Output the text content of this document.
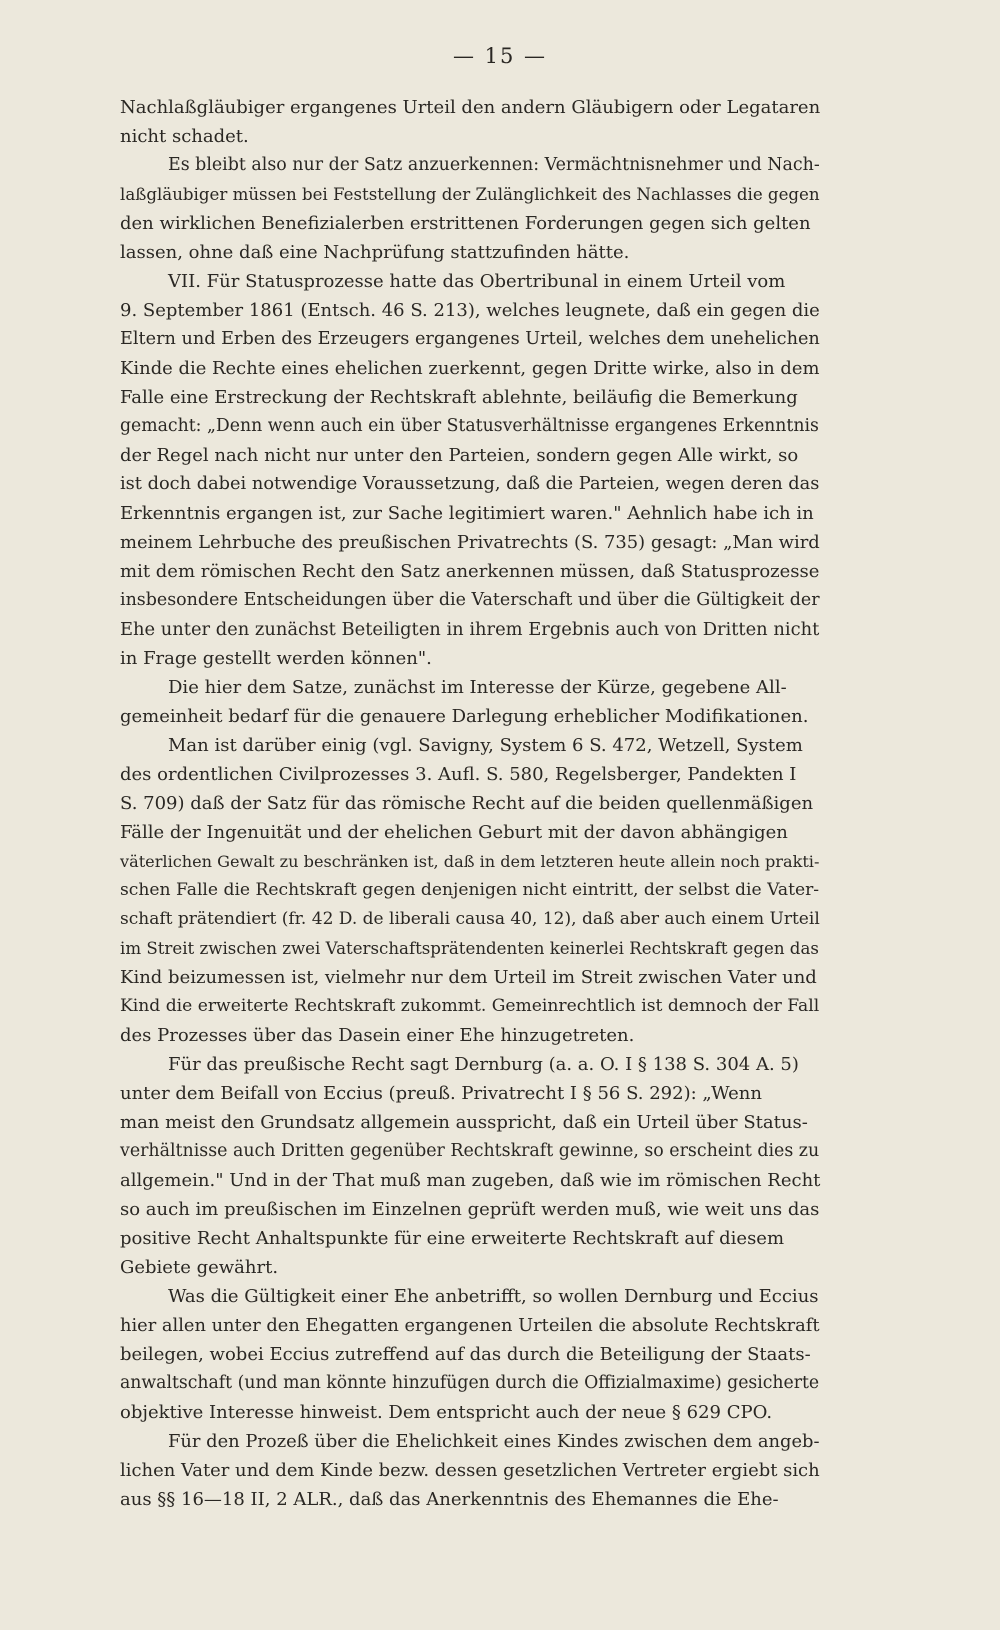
— 15 —
Nachlaßgläubiger ergangenes Urteil den andern Gläubigern oder Legataren
nicht schadet.
Es bleibt also nur der Satz anzuerkennen: Vermächtnisnehmer und Nach-
laßgläubiger müssen bei Feststellung der Zulänglichkeit des Nachlasses die gegen
den wirklichen Benefizialerben erstrittenen Forderungen gegen sich gelten
lassen, ohne daß eine Nachprüfung stattzufinden hätte.
VII. Für Statusprozesse hatte das Obertribunal in einem Urteil vom
9. September 1861 (Entsch. 46 S. 213), welches leugnete, daß ein gegen die
Eltern und Erben des Erzeugers ergangenes Urteil, welches dem unehelichen
Kinde die Rechte eines ehelichen zuerkennt, gegen Dritte wirke, also in dem
Falle eine Erstreckung der Rechtskraft ablehnte, beiläufig die Bemerkung
gemacht: „Denn wenn auch ein über Statusverhältnisse ergangenes Erkenntnis
der Regel nach nicht nur unter den Parteien, sondern gegen Alle wirkt, so
ist doch dabei notwendige Voraussetzung, daß die Parteien, wegen deren das
Erkenntnis ergangen ist, zur Sache legitimiert waren." Aehnlich habe ich in
meinem Lehrbuche des preußischen Privatrechts (S. 735) gesagt: „Man wird
mit dem römischen Recht den Satz anerkennen müssen, daß Statusprozesse
insbesondere Entscheidungen über die Vaterschaft und über die Gültigkeit der
Ehe unter den zunächst Beteiligten in ihrem Ergebnis auch von Dritten nicht
in Frage gestellt werden können".
Die hier dem Satze, zunächst im Interesse der Kürze, gegebene All-
gemeinheit bedarf für die genauere Darlegung erheblicher Modifikationen.
Man ist darüber einig (vgl. Savigny, System 6 S. 472, Wetzell, System
des ordentlichen Civilprozesses 3. Aufl. S. 580, Regelsberger, Pandekten I
S. 709) daß der Satz für das römische Recht auf die beiden quellenmäßigen
Fälle der Ingenuität und der ehelichen Geburt mit der davon abhängigen
väterlichen Gewalt zu beschränken ist, daß in dem letzteren heute allein noch prakti-
schen Falle die Rechtskraft gegen denjenigen nicht eintritt, der selbst die Vater-
schaft prätendiert (fr. 42 D. de liberali causa 40, 12), daß aber auch einem Urteil
im Streit zwischen zwei Vaterschaftsprätendenten keinerlei Rechtskraft gegen das
Kind beizumessen ist, vielmehr nur dem Urteil im Streit zwischen Vater und
Kind die erweiterte Rechtskraft zukommt. Gemeinrechtlich ist demnoch der Fall
des Prozesses über das Dasein einer Ehe hinzugetreten.
Für das preußische Recht sagt Dernburg (a. a. O. I § 138 S. 304 A. 5)
unter dem Beifall von Eccius (preuß. Privatrecht I § 56 S. 292): „Wenn
man meist den Grundsatz allgemein ausspricht, daß ein Urteil über Status-
verhältnisse auch Dritten gegenüber Rechtskraft gewinne, so erscheint dies zu
allgemein." Und in der That muß man zugeben, daß wie im römischen Recht
so auch im preußischen im Einzelnen geprüft werden muß, wie weit uns das
positive Recht Anhaltspunkte für eine erweiterte Rechtskraft auf diesem
Gebiete gewährt.
Was die Gültigkeit einer Ehe anbetrifft, so wollen Dernburg und Eccius
hier allen unter den Ehegatten ergangenen Urteilen die absolute Rechtskraft
beilegen, wobei Eccius zutreffend auf das durch die Beteiligung der Staats-
anwaltschaft (und man könnte hinzufügen durch die Offizialmaxime) gesicherte
objektive Interesse hinweist. Dem entspricht auch der neue § 629 CPO.
Für den Prozeß über die Ehelichkeit eines Kindes zwischen dem angeb-
lichen Vater und dem Kinde bezw. dessen gesetzlichen Vertreter ergiebt sich
aus §§ 16—18 II, 2 ALR., daß das Anerkenntnis des Ehemannes die Ehe-
